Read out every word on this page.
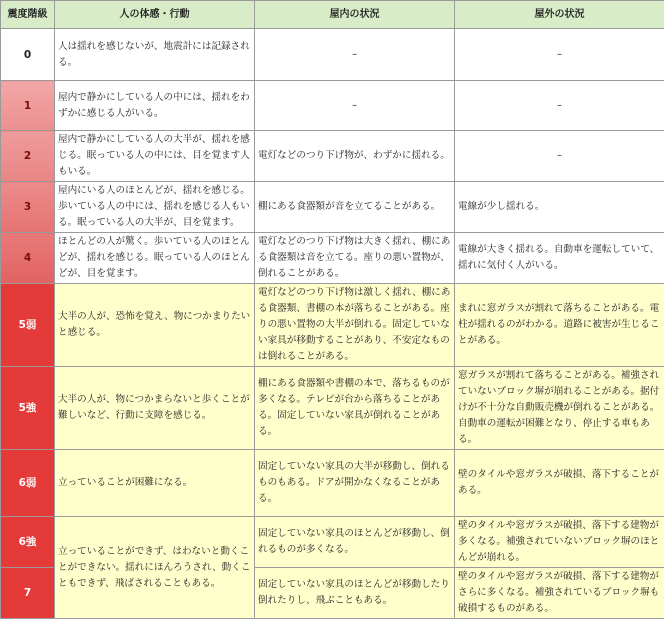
震度階級	人の体感・行動	屋内の状況	屋外の状況
0	人は揺れを感じないが、地震計には記録される。	–	–
1	屋内で静かにしている人の中には、揺れをわずかに感じる人がいる。	–	–
2	屋内で静かにしている人の大半が、揺れを感じる。眠っている人の中には、目を覚ます人もいる。	電灯などのつり下げ物が、わずかに揺れる。	–
3	屋内にいる人のほとんどが、揺れを感じる。歩いている人の中には、揺れを感じる人もいる。眠っている人の大半が、目を覚ます。	棚にある食器類が音を立てることがある。	電線が少し揺れる。
4	ほとんどの人が驚く。歩いている人のほとんどが、揺れを感じる。眠っている人のほとんどが、目を覚ます。	電灯などのつり下げ物は大きく揺れ、棚にある食器類は音を立てる。座りの悪い置物が、倒れることがある。	電線が大きく揺れる。自動車を運転していて、揺れに気付く人がいる。
5弱	大半の人が、恐怖を覚え、物につかまりたいと感じる。	電灯などのつり下げ物は激しく揺れ、棚にある食器類、書棚の本が落ちることがある。座りの悪い置物の大半が倒れる。固定していない家具が移動することがあり、不安定なものは倒れることがある。	まれに窓ガラスが割れて落ちることがある。電柱が揺れるのがわかる。道路に被害が生じることがある。
5強	大半の人が、物につかまらないと歩くことが難しいなど、行動に支障を感じる。	棚にある食器類や書棚の本で、落ちるものが多くなる。テレビが台から落ちることがある。固定していない家具が倒れることがある。	窓ガラスが割れて落ちることがある。補強されていないブロック塀が崩れることがある。据付けが不十分な自動販売機が倒れることがある。自動車の運転が困難となり、停止する車もある。
6弱	立っていることが困難になる。	固定していない家具の大半が移動し、倒れるものもある。ドアが開かなくなることがある。	壁のタイルや窓ガラスが破損、落下することがある。
6強	立っていることができず、はわないと動くことができない。揺れにほんろうされ、動くこともできず、飛ばされることもある。	固定していない家具のほとんどが移動し、倒れるものが多くなる。	壁のタイルや窓ガラスが破損、落下する建物が多くなる。補強されていないブロック塀のほとんどが崩れる。
7		固定していない家具のほとんどが移動したり倒れたりし、飛ぶこともある。	壁のタイルや窓ガラスが破損、落下する建物がさらに多くなる。補強されているブロック塀も破損するものがある。
